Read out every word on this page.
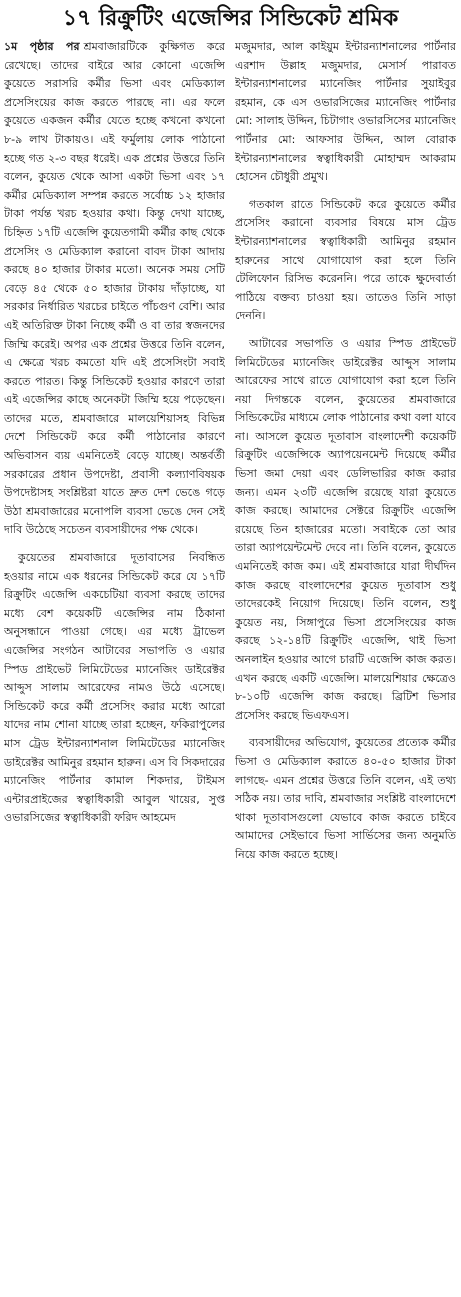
১৭ রিক্রুটিং এজেন্সির সিন্ডিকেট শ্রমিক

১ম পৃষ্ঠার পর শ্রমবাজারটিকে কুক্ষিগত করে রেখেছে। তাদের বাইরে আর কোনো এজেন্সি কুয়েতে সরাসরি কর্মীর ভিসা এবং মেডিক্যাল প্রসেসিংয়ের কাজ করতে পারছে না। এর ফলে কুয়েতে একজন কর্মীর যেতে হচ্ছে কখনো কখনো ৮-৯ লাখ টাকায়ও। এই ফর্মুলায় লোক পাঠানো হচ্ছে গত ২-৩ বছর ধরেই। এক প্রশ্নের উত্তরে তিনি বলেন, কুয়েত থেকে আসা একটা ভিসা এবং ১৭ কর্মীর মেডিক্যাল সম্পন্ন করতে সর্বোচ্চ ১২ হাজার টাকা পর্যন্ত খরচ হওয়ার কথা। কিন্তু দেখা যাচ্ছে, চিহ্নিত ১৭টি এজেন্সি কুয়েতগামী কর্মীর কাছ থেকে প্রসেসিং ও মেডিক্যাল করানো বাবদ টাকা আদায় করছে ৪০ হাজার টাকার মতো। অনেক সময় সেটি বেড়ে ৪৫ থেকে ৫০ হাজার টাকায় দাঁড়াচ্ছে, যা সরকার নির্ধারিত খরচের চাইতে পাঁচগুণ বেশি। আর এই অতিরিক্ত টাকা নিচ্ছে কর্মী ও বা তার স্বজনদের জিম্মি করেই। অপর এক প্রশ্নের উত্তরে তিনি বলেন, এ ক্ষেত্রে খরচ কমতো যদি এই প্রসেসিংটা সবাই করতে পারত। কিন্তু সিন্ডিকেট হওয়ার কারণে তারা এই এজেন্সির কাছে অনেকটা জিম্মি হয়ে পড়েছেন। তাদের মতে, শ্রমবাজারে মালয়েশিয়াসহ বিভিন্ন দেশে সিন্ডিকেট করে কর্মী পাঠানোর কারণে অভিবাসন ব্যয় এমনিতেই বেড়ে যাচ্ছে। অন্তর্বর্তী সরকারের প্রধান উপদেষ্টা, প্রবাসী কল্যাণবিষয়ক উপদেষ্টাসহ সংশ্লিষ্টরা যাতে দ্রুত দেশ ভেঙে গড়ে উঠা শ্রমবাজারের মনোপলি ব্যবসা ভেঙে দেন সেই দাবি উঠেছে সচেতন ব্যবসায়ীদের পক্ষ থেকে।

কুয়েতের শ্রমবাজারে দূতাবাসের নিবন্ধিত হওয়ার নামে এক ধরনের সিন্ডিকেট করে যে ১৭টি রিক্রুটিং এজেন্সি একচেটিয়া ব্যবসা করছে তাদের মধ্যে বেশ কয়েকটি এজেন্সির নাম ঠিকানা অনুসন্ধানে পাওয়া গেছে। এর মধ্যে ট্রাভেল এজেন্সির সংগঠন আটাবের সভাপতি ও এয়ার স্পিড প্রাইভেট লিমিটেডের ম্যানেজিং ডাইরেক্টর আব্দুস সালাম আরেফের নামও উঠে এসেছে। সিন্ডিকেট করে কর্মী প্রসেসিং করার মধ্যে আরো যাদের নাম শোনা যাচ্ছে তারা হচ্ছেন, ফকিরাপুলের মাস ট্রেড ইন্টারন্যাশনাল লিমিটেডের ম্যানেজিং ডাইরেক্টর আমিনুর রহমান হারুন। এস বি সিকদারের ম্যানেজিং পার্টনার কামাল শিকদার, টাইমস এন্টারপ্রাইজের স্বত্বাধিকারী আবুল খায়ের, সুপ্ত ওভারসিজের স্বত্বাধিকারী ফরিদ আহমেদ

মজুমদার, আল কাইয়ুম ইন্টারন্যাশনালের পার্টনার এরশাদ উল্লাহ মজুমদার, মেসার্স পারাবত ইন্টারন্যাশনালের ম্যানেজিং পার্টনার সুয়াইবুর রহমান, কে এস ওভারসিজের ম্যানেজিং পার্টনার মো: সালাহ উদ্দিন, চিটাগাং ওভারসিসের ম্যানেজিং পার্টনার মো: আফসার উদ্দিন, আল বোরাক ইন্টারন্যাশনালের স্বত্বাধিকারী মোহাম্মদ আকরাম হোসেন চৌধুরী প্রমুখ।

গতকাল রাতে সিন্ডিকেট করে কুয়েতে কর্মীর প্রসেসিং করানো ব্যবসার বিষয়ে মাস ট্রেড ইন্টারন্যাশনালের স্বত্বাধিকারী আমিনুর রহমান হারুনের সাথে যোগাযোগ করা হলে তিনি টেলিফোন রিসিভ করেননি। পরে তাকে ক্ষুদেবার্তা পাঠিয়ে বক্তব্য চাওয়া হয়। তাতেও তিনি সাড়া দেননি।

আটাবের সভাপতি ও এয়ার স্পিড প্রাইভেট লিমিটেডের ম্যানেজিং ডাইরেক্টর আব্দুস সালাম আরেফের সাথে রাতে যোগাযোগ করা হলে তিনি নয়া দিগন্তকে বলেন, কুয়েতের শ্রমবাজারে সিন্ডিকেটের মাধ্যমে লোক পাঠানোর কথা বলা যাবে না। আসলে কুয়েত দূতাবাস বাংলাদেশী কয়েকটি রিক্রুটিং এজেন্সিকে অ্যাপয়েনমেন্ট দিয়েছে কর্মীর ভিসা জমা দেয়া এবং ডেলিভারির কাজ করার জন্য। এমন ২৩টি এজেন্সি রয়েছে যারা কুয়েতে কাজ করছে। আমাদের সেক্টরে রিক্রুটিং এজেন্সি রয়েছে তিন হাজারের মতো। সবাইকে তো আর তারা অ্যাপয়েন্টমেন্ট দেবে না। তিনি বলেন, কুয়েতে এমনিতেই কাজ কম। এই শ্রমবাজারে যারা দীর্ঘদিন কাজ করছে বাংলাদেশের কুয়েত দূতাবাস শুধু তাদেরকেই নিয়োগ দিয়েছে। তিনি বলেন, শুধু কুয়েত নয়, সিঙ্গাপুরে ভিসা প্রসেসিংয়ের কাজ করছে ১২-১৪টি রিক্রুটিং এজেন্সি, থাই ভিসা অনলাইন হওয়ার আগে চারটি এজেন্সি কাজ করত। এখন করছে একটি এজেন্সি। মালয়েশিয়ার ক্ষেত্রেও ৮-১০টি এজেন্সি কাজ করছে। ব্রিটিশ ভিসার প্রসেসিং করছে ভিএফএস।

ব্যবসায়ীদের অভিযোগ, কুয়েতের প্রত্যেক কর্মীর ভিসা ও মেডিক্যাল করাতে ৪০-৫০ হাজার টাকা লাগছে- এমন প্রশ্নের উত্তরে তিনি বলেন, এই তথ্য সঠিক নয়। তার দাবি, শ্রমবাজার সংশ্লিষ্ট বাংলাদেশে থাকা দূতাবাসগুলো যেভাবে কাজ করতে চাইবে আমাদের সেইভাবে ভিসা সার্ভিসের জন্য অনুমতি নিয়ে কাজ করতে হচ্ছে।
